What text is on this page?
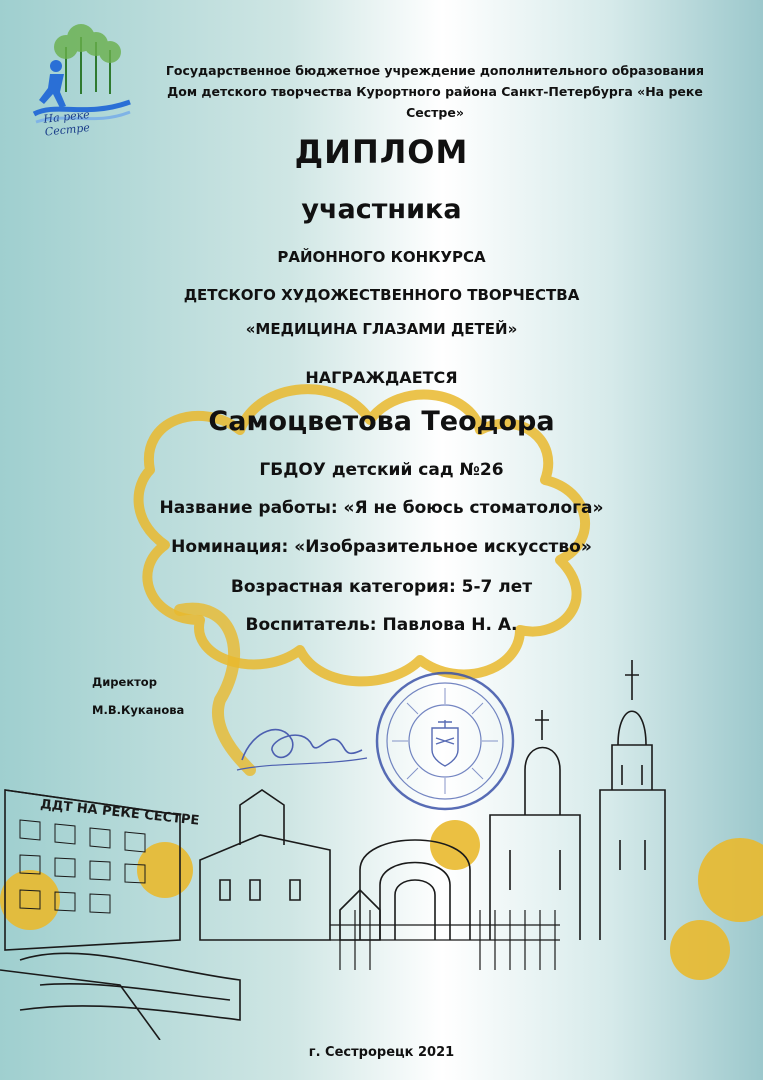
На реке Сестре
Государственное бюджетное учреждение дополнительного образования
Дом детского творчества Курортного района Санкт-Петербурга «На реке Сестре»
ДИПЛОМ
участника
РАЙОННОГО КОНКУРСА
ДЕТСКОГО ХУДОЖЕСТВЕННОГО ТВОРЧЕСТВА
«МЕДИЦИНА ГЛАЗАМИ ДЕТЕЙ»
НАГРАЖДАЕТСЯ
Самоцветова Теодора
ГБДОУ детский сад №26
Название работы: «Я не боюсь стоматолога»
Номинация: «Изобразительное искусство»
Возрастная категория: 5-7 лет
Воспитатель: Павлова Н. А.
Директор
М.В.Куканова
ДДТ НА РЕКЕ СЕСТРЕ
г. Сестрорецк 2021
